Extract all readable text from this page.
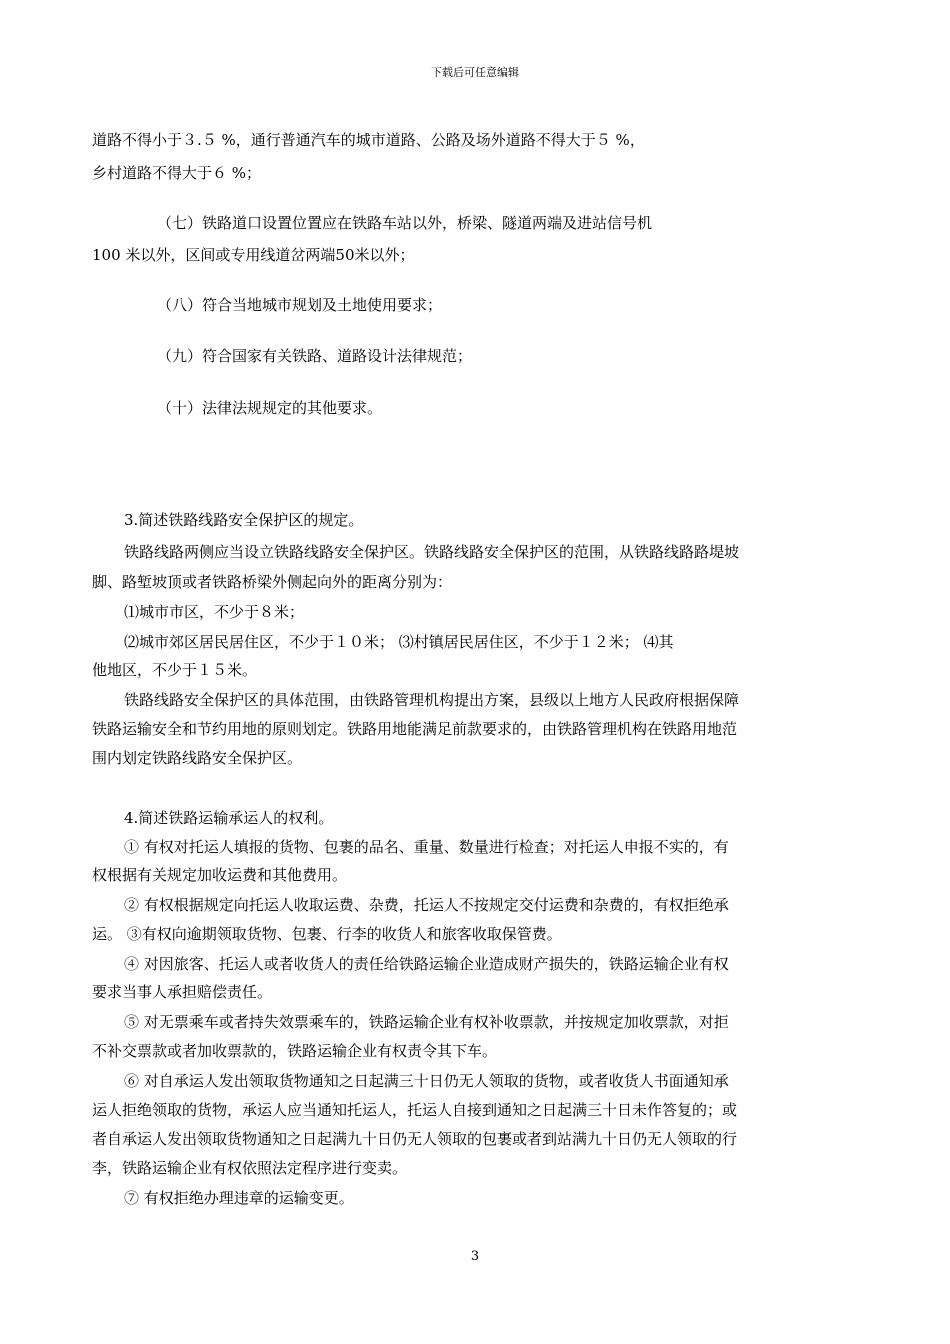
下载后可任意编辑
道路不得小于３.５ %，通行普通汽车的城市道路、公路及场外道路不得大于５ %，
乡村道路不得大于６ %；
（七）铁路道口设置位置应在铁路车站以外，桥梁、隧道两端及进站信号机
100 米以外，区间或专用线道岔两端50米以外；
（八）符合当地城市规划及土地使用要求；
（九）符合国家有关铁路、道路设计法律规范；
（十）法律法规规定的其他要求。
3.简述铁路线路安全保护区的规定。
铁路线路两侧应当设立铁路线路安全保护区。铁路线路安全保护区的范围，从铁路线路路堤坡
脚、路堑坡顶或者铁路桥梁外侧起向外的距离分别为：
⑴城市市区，不少于８米；
⑵城市郊区居民居住区，不少于１０米； ⑶村镇居民居住区，不少于１２米； ⑷其
他地区，不少于１５米。
铁路线路安全保护区的具体范围，由铁路管理机构提出方案，县级以上地方人民政府根据保障
铁路运输安全和节约用地的原则划定。铁路用地能满足前款要求的，由铁路管理机构在铁路用地范
围内划定铁路线路安全保护区。
4.简述铁路运输承运人的权利。
① 有权对托运人填报的货物、包裹的品名、重量、数量进行检查；对托运人申报不实的，有
权根据有关规定加收运费和其他费用。
② 有权根据规定向托运人收取运费、杂费，托运人不按规定交付运费和杂费的，有权拒绝承
运。 ③有权向逾期领取货物、包裹、行李的收货人和旅客收取保管费。
④ 对因旅客、托运人或者收货人的责任给铁路运输企业造成财产损失的，铁路运输企业有权
要求当事人承担赔偿责任。
⑤ 对无票乘车或者持失效票乘车的，铁路运输企业有权补收票款，并按规定加收票款，对拒
不补交票款或者加收票款的，铁路运输企业有权责令其下车。
⑥ 对自承运人发出领取货物通知之日起满三十日仍无人领取的货物，或者收货人书面通知承
运人拒绝领取的货物，承运人应当通知托运人，托运人自接到通知之日起满三十日未作答复的；或
者自承运人发出领取货物通知之日起满九十日仍无人领取的包裹或者到站满九十日仍无人领取的行
李，铁路运输企业有权依照法定程序进行变卖。
⑦ 有权拒绝办理违章的运输变更。
3
